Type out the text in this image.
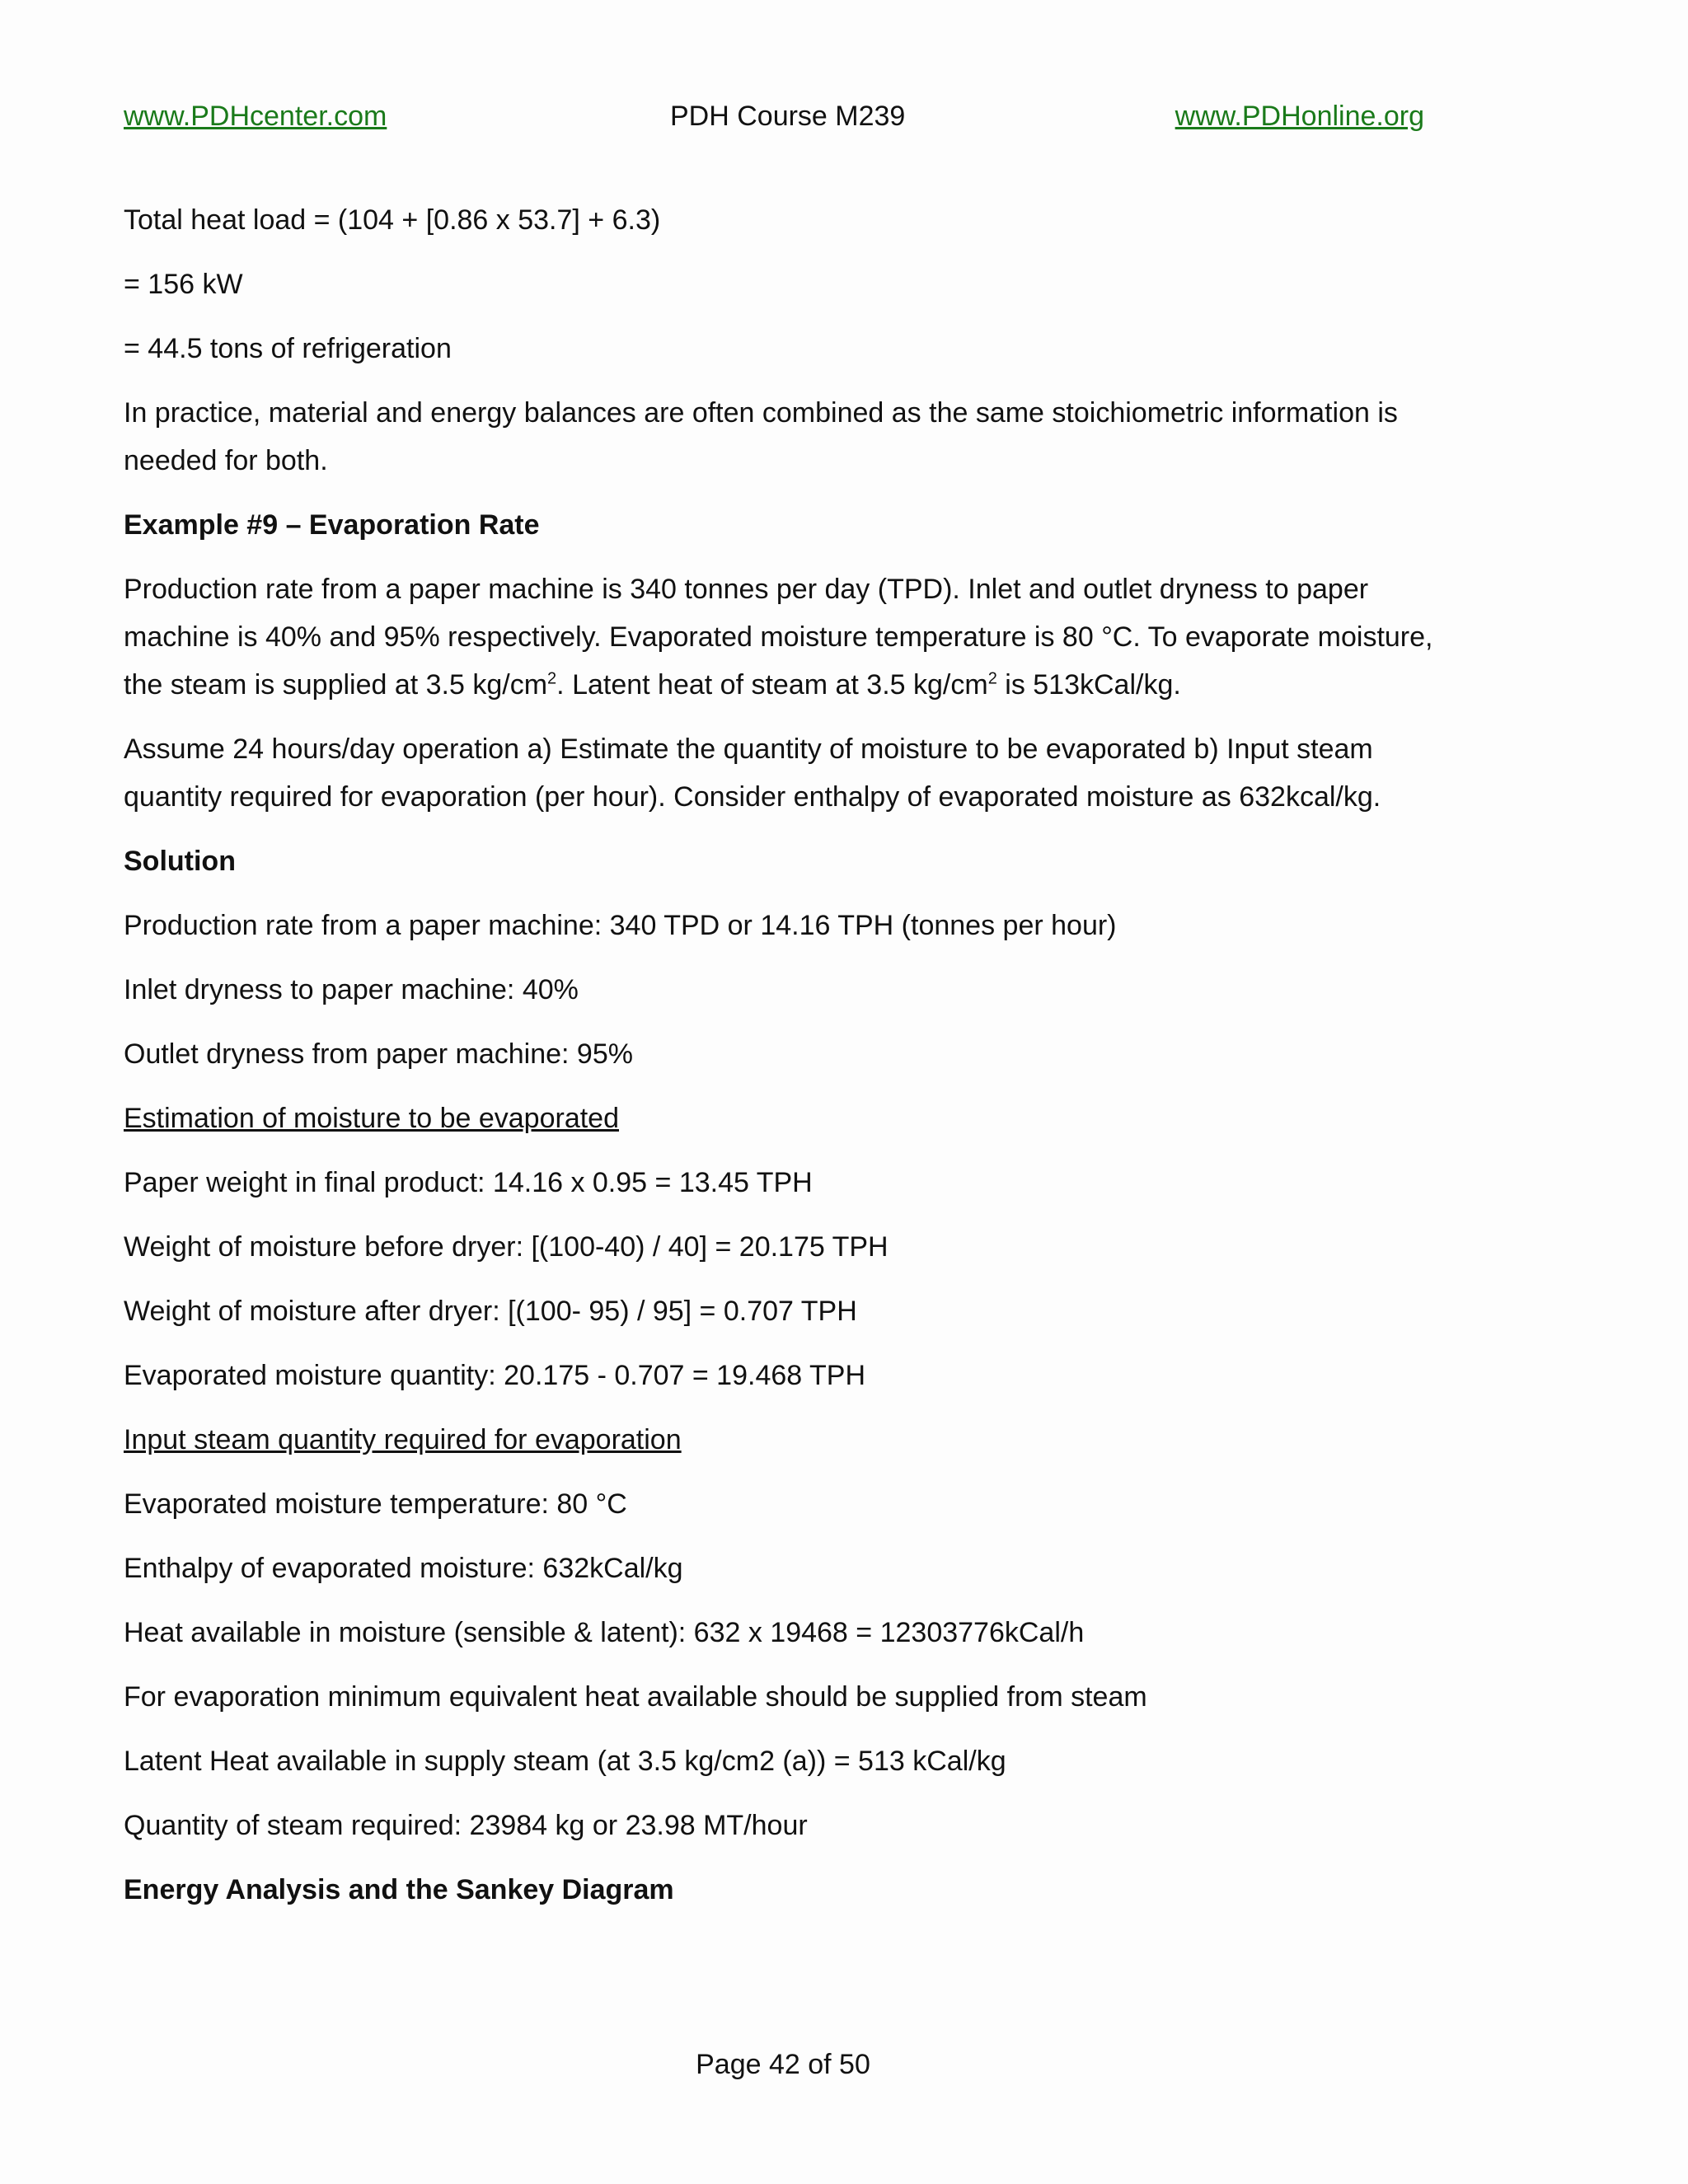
www.PDHcenter.com	PDH Course M239	www.PDHonline.org

Total heat load = (104 + [0.86 x 53.7] + 6.3)

= 156 kW

= 44.5 tons of refrigeration

In practice, material and energy balances are often combined as the same stoichiometric information is needed for both.

Example #9 – Evaporation Rate

Production rate from a paper machine is 340 tonnes per day (TPD). Inlet and outlet dryness to paper machine is 40% and 95% respectively. Evaporated moisture temperature is 80 °C. To evaporate moisture, the steam is supplied at 3.5 $kg/cm^2$. Latent heat of steam at 3.5 $kg/cm^2$ is 513kCal/kg.

Assume 24 hours/day operation a) Estimate the quantity of moisture to be evaporated b) Input steam quantity required for evaporation (per hour). Consider enthalpy of evaporated moisture as 632kcal/kg.

Solution

Production rate from a paper machine: 340 TPD or 14.16 TPH (tonnes per hour)

Inlet dryness to paper machine: 40%

Outlet dryness from paper machine: 95%

Estimation of moisture to be evaporated

Paper weight in final product: 14.16 x 0.95 = 13.45 TPH

Weight of moisture before dryer: [(100-40) / 40] = 20.175 TPH

Weight of moisture after dryer: [(100- 95) / 95] = 0.707 TPH

Evaporated moisture quantity: 20.175 - 0.707 = 19.468 TPH

Input steam quantity required for evaporation

Evaporated moisture temperature: 80 °C

Enthalpy of evaporated moisture: 632kCal/kg

Heat available in moisture (sensible & latent): 632 x 19468 = 12303776kCal/h

For evaporation minimum equivalent heat available should be supplied from steam

Latent Heat available in supply steam (at 3.5 kg/cm2 (a)) = 513 kCal/kg

Quantity of steam required: 23984 kg or 23.98 MT/hour

Energy Analysis and the Sankey Diagram

Page 42 of 50
